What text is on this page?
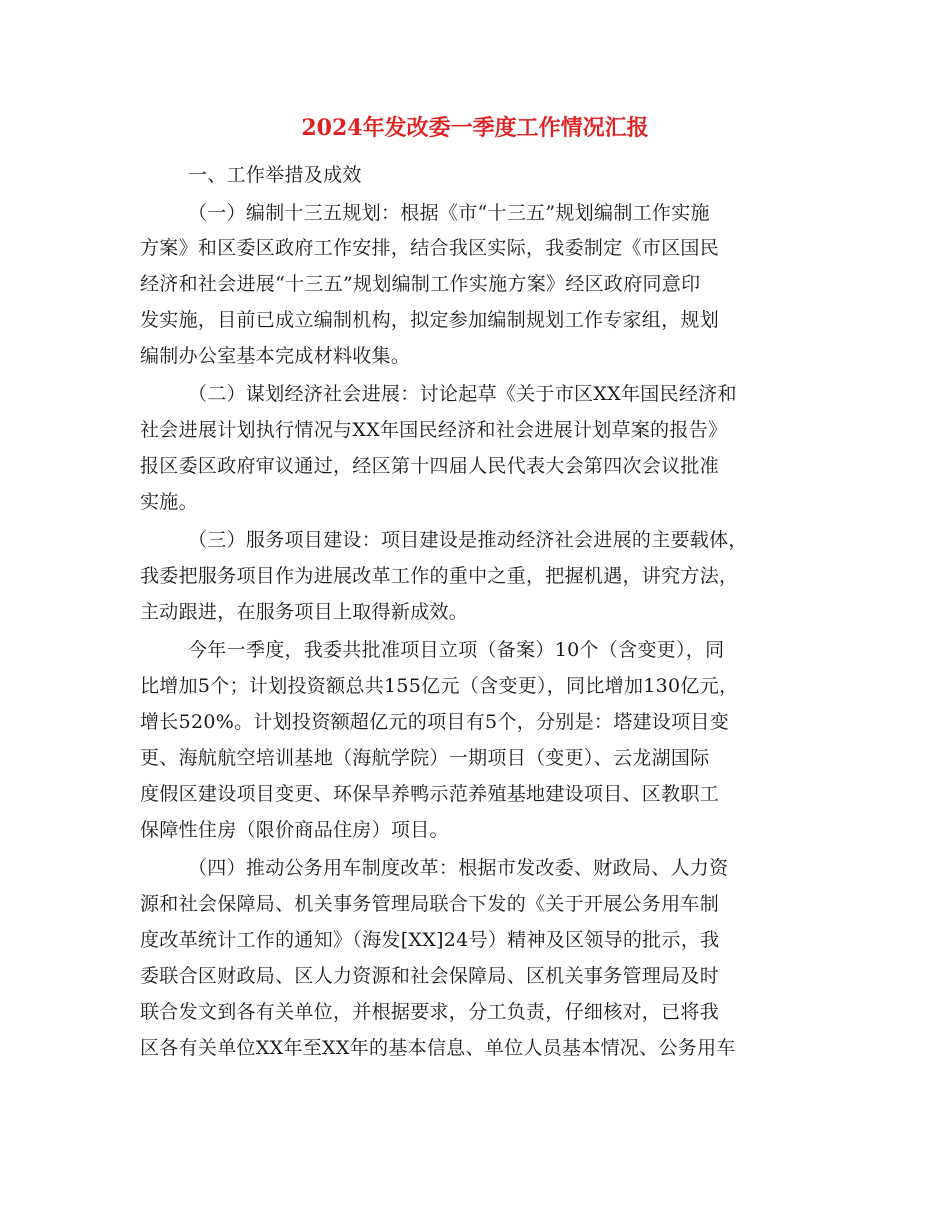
2024年发改委一季度工作情况汇报
一、工作举措及成效
（一）编制十三五规划：根据《市“十三五”规划编制工作实施
方案》和区委区政府工作安排，结合我区实际，我委制定《市区国民
经济和社会进展“十三五”规划编制工作实施方案》经区政府同意印
发实施，目前已成立编制机构，拟定参加编制规划工作专家组，规划
编制办公室基本完成材料收集。
（二）谋划经济社会进展：讨论起草《关于市区XX年国民经济和
社会进展计划执行情况与XX年国民经济和社会进展计划草案的报告》
报区委区政府审议通过，经区第十四届人民代表大会第四次会议批准
实施。
（三）服务项目建设：项目建设是推动经济社会进展的主要载体，
我委把服务项目作为进展改革工作的重中之重，把握机遇，讲究方法，
主动跟进，在服务项目上取得新成效。
今年一季度，我委共批准项目立项（备案）10个（含变更），同
比增加5个；计划投资额总共155亿元（含变更），同比增加130亿元，
增长520%。计划投资额超亿元的项目有5个，分别是：塔建设项目变
更、海航航空培训基地（海航学院）一期项目（变更）、云龙湖国际
度假区建设项目变更、环保旱养鸭示范养殖基地建设项目、区教职工
保障性住房（限价商品住房）项目。
（四）推动公务用车制度改革：根据市发改委、财政局、人力资
源和社会保障局、机关事务管理局联合下发的《关于开展公务用车制
度改革统计工作的通知》（海发[XX]24号）精神及区领导的批示，我
委联合区财政局、区人力资源和社会保障局、区机关事务管理局及时
联合发文到各有关单位，并根据要求，分工负责，仔细核对，已将我
区各有关单位XX年至XX年的基本信息、单位人员基本情况、公务用车
